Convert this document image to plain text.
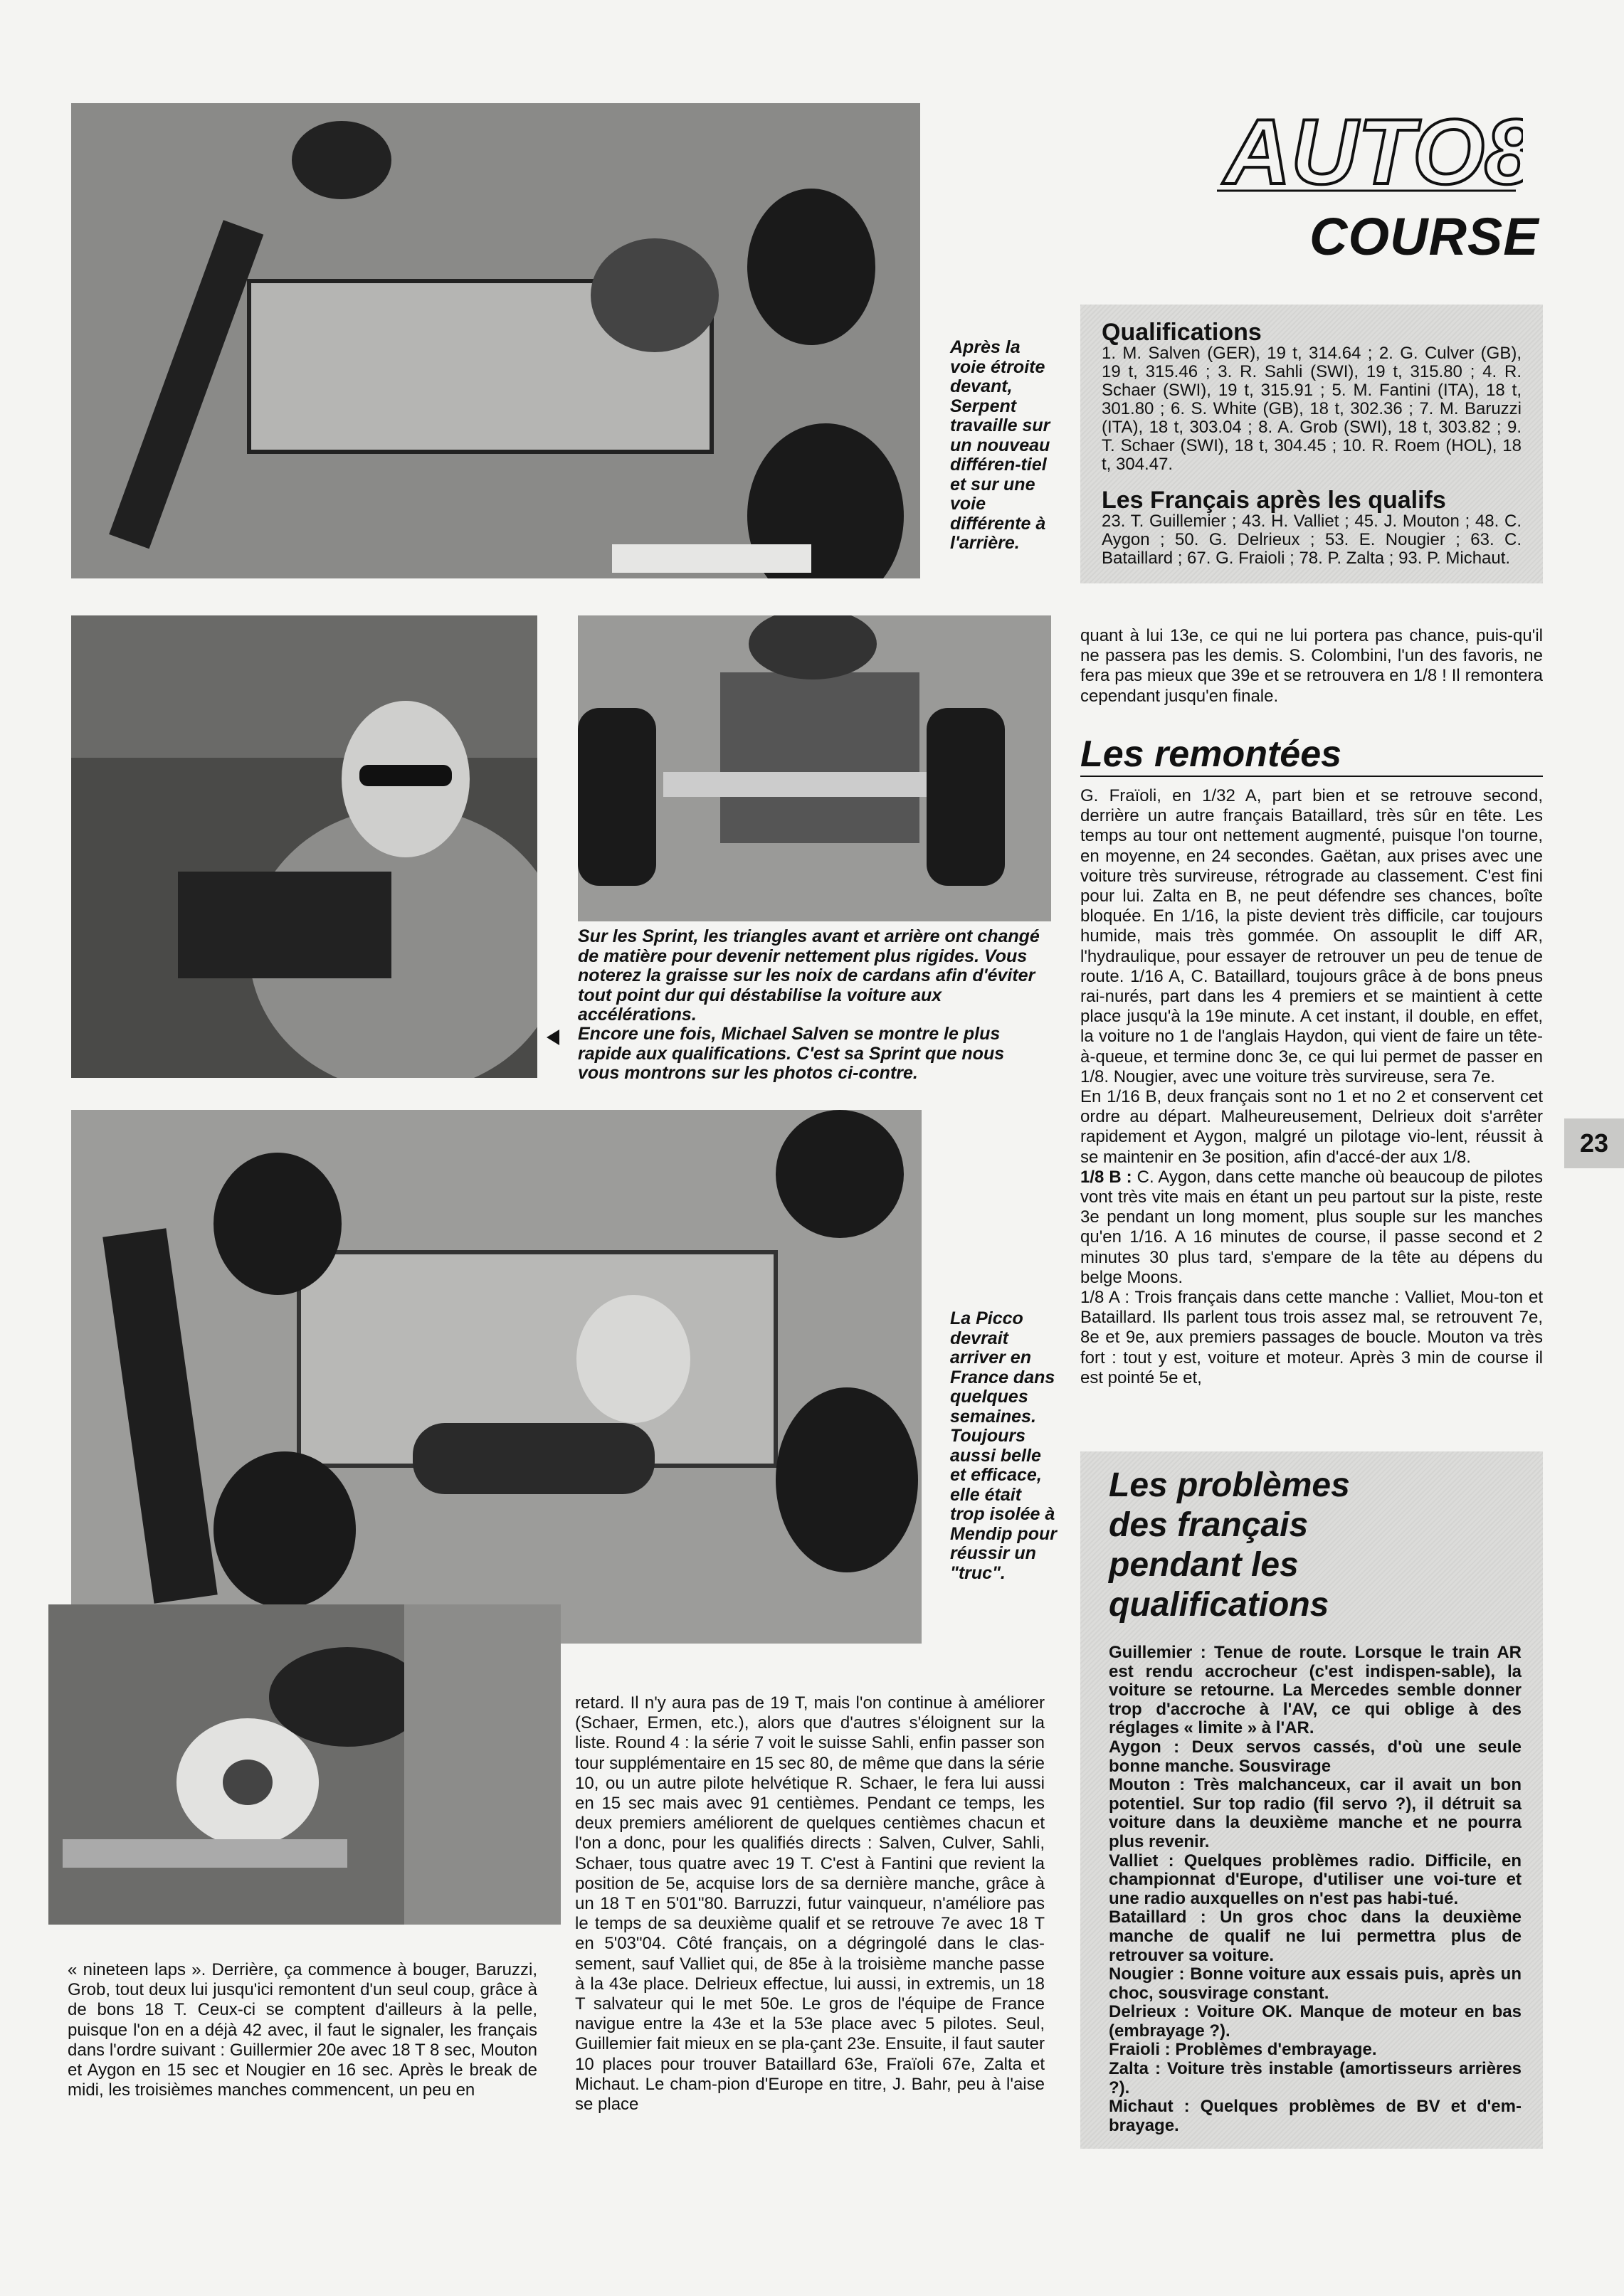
AUTO8

COURSE

Après la voie étroite devant, Serpent travaille sur un nouveau différen-tiel et sur une voie différente à l'arrière.

Sur les Sprint, les triangles avant et arrière ont changé de matière pour devenir nettement plus rigides. Vous noterez la graisse sur les noix de cardans afin d'éviter tout point dur qui déstabilise la voiture aux accélérations.

Encore une fois, Michael Salven se montre le plus rapide aux qualifications. C'est sa Sprint que nous vous montrons sur les photos ci-contre.

La Picco devrait arriver en France dans quelques semaines. Toujours aussi belle et efficace, elle était trop isolée à Mendip pour réussir un "truc".

Qualifications

1. M. Salven (GER), 19 t, 314.64 ; 2. G. Culver (GB), 19 t, 315.46 ; 3. R. Sahli (SWI), 19 t, 315.80 ; 4. R. Schaer (SWI), 19 t, 315.91 ; 5. M. Fantini (ITA), 18 t, 301.80 ; 6. S. White (GB), 18 t, 302.36 ; 7. M. Baruzzi (ITA), 18 t, 303.04 ; 8. A. Grob (SWI), 18 t, 303.82 ; 9. T. Schaer (SWI), 18 t, 304.45 ; 10. R. Roem (HOL), 18 t, 304.47.

Les Français après les qualifs

23. T. Guillemier ; 43. H. Valliet ; 45. J. Mouton ; 48. C. Aygon ; 50. G. Delrieux ; 53. E. Nougier ; 63. C. Bataillard ; 67. G. Fraioli ; 78. P. Zalta ; 93. P. Michaut.

quant à lui 13e, ce qui ne lui portera pas chance, puis-qu'il ne passera pas les demis. S. Colombini, l'un des favoris, ne fera pas mieux que 39e et se retrouvera en 1/8 ! Il remontera cependant jusqu'en finale.

Les remontées

G. Fraïoli, en 1/32 A, part bien et se retrouve second, derrière un autre français Bataillard, très sûr en tête. Les temps au tour ont nettement augmenté, puisque l'on tourne, en moyenne, en 24 secondes. Gaëtan, aux prises avec une voiture très survireuse, rétrograde au classement. C'est fini pour lui. Zalta en B, ne peut défendre ses chances, boîte bloquée. En 1/16, la piste devient très difficile, car toujours humide, mais très gommée. On assouplit le diff AR, l'hydraulique, pour essayer de retrouver un peu de tenue de route. 1/16 A, C. Bataillard, toujours grâce à de bons pneus rai-nurés, part dans les 4 premiers et se maintient à cette place jusqu'à la 19e minute. A cet instant, il double, en effet, la voiture no 1 de l'anglais Haydon, qui vient de faire un tête-à-queue, et termine donc 3e, ce qui lui permet de passer en 1/8. Nougier, avec une voiture très survireuse, sera 7e.

En 1/16 B, deux français sont no 1 et no 2 et conservent cet ordre au départ. Malheureusement, Delrieux doit s'arrêter rapidement et Aygon, malgré un pilotage vio-lent, réussit à se maintenir en 3e position, afin d'accé-der aux 1/8.

1/8 B : C. Aygon, dans cette manche où beaucoup de pilotes vont très vite mais en étant un peu partout sur la piste, reste 3e pendant un long moment, plus souple sur les manches qu'en 1/16. A 16 minutes de course, il passe second et 2 minutes 30 plus tard, s'empare de la tête au dépens du belge Moons.

1/8 A : Trois français dans cette manche : Valliet, Mou-ton et Bataillard. Ils parlent tous trois assez mal, se retrouvent 7e, 8e et 9e, aux premiers passages de boucle. Mouton va très fort : tout y est, voiture et moteur. Après 3 min de course il est pointé 5e et,

23

Les problèmes

des français

pendant les

qualifications

Guillemier : Tenue de route. Lorsque le train AR est rendu accrocheur (c'est indispen-sable), la voiture se retourne. La Mercedes semble donner trop d'accroche à l'AV, ce qui oblige à des réglages « limite » à l'AR.

Aygon : Deux servos cassés, d'où une seule bonne manche. Sousvirage

Mouton : Très malchanceux, car il avait un bon potentiel. Sur top radio (fil servo ?), il détruit sa voiture dans la deuxième manche et ne pourra plus revenir.

Valliet : Quelques problèmes radio. Difficile, en championnat d'Europe, d'utiliser une voi-ture et une radio auxquelles on n'est pas habi-tué.

Bataillard : Un gros choc dans la deuxième manche de qualif ne lui permettra plus de retrouver sa voiture.

Nougier : Bonne voiture aux essais puis, après un choc, sousvirage constant.

Delrieux : Voiture OK. Manque de moteur en bas (embrayage ?).

Fraioli : Problèmes d'embrayage.

Zalta : Voiture très instable (amortisseurs arrières ?).

Michaut : Quelques problèmes de BV et d'em-brayage.

« nineteen laps ». Derrière, ça commence à bouger, Baruzzi, Grob, tout deux lui jusqu'ici remontent d'un seul coup, grâce à de bons 18 T. Ceux-ci se comptent d'ailleurs à la pelle, puisque l'on en a déjà 42 avec, il faut le signaler, les français dans l'ordre suivant : Guillermier 20e avec 18 T 8 sec, Mouton et Aygon en 15 sec et Nougier en 16 sec. Après le break de midi, les troisièmes manches commencent, un peu en

retard. Il n'y aura pas de 19 T, mais l'on continue à améliorer (Schaer, Ermen, etc.), alors que d'autres s'éloignent sur la liste. Round 4 : la série 7 voit le suisse Sahli, enfin passer son tour supplémentaire en 15 sec 80, de même que dans la série 10, ou un autre pilote helvétique R. Schaer, le fera lui aussi en 15 sec mais avec 91 centièmes. Pendant ce temps, les deux premiers améliorent de quelques centièmes chacun et l'on a donc, pour les qualifiés directs : Salven, Culver, Sahli, Schaer, tous quatre avec 19 T. C'est à Fantini que revient la position de 5e, acquise lors de sa dernière manche, grâce à un 18 T en 5'01"80. Barruzzi, futur vainqueur, n'améliore pas le temps de sa deuxième qualif et se retrouve 7e avec 18 T en 5'03"04. Côté français, on a dégringolé dans le clas-sement, sauf Valliet qui, de 85e à la troisième manche passe à la 43e place. Delrieux effectue, lui aussi, in extremis, un 18 T salvateur qui le met 50e. Le gros de l'équipe de France navigue entre la 43e et la 53e place avec 5 pilotes. Seul, Guillemier fait mieux en se pla-çant 23e. Ensuite, il faut sauter 10 places pour trouver Bataillard 63e, Fraïoli 67e, Zalta et Michaut. Le cham-pion d'Europe en titre, J. Bahr, peu à l'aise se place
